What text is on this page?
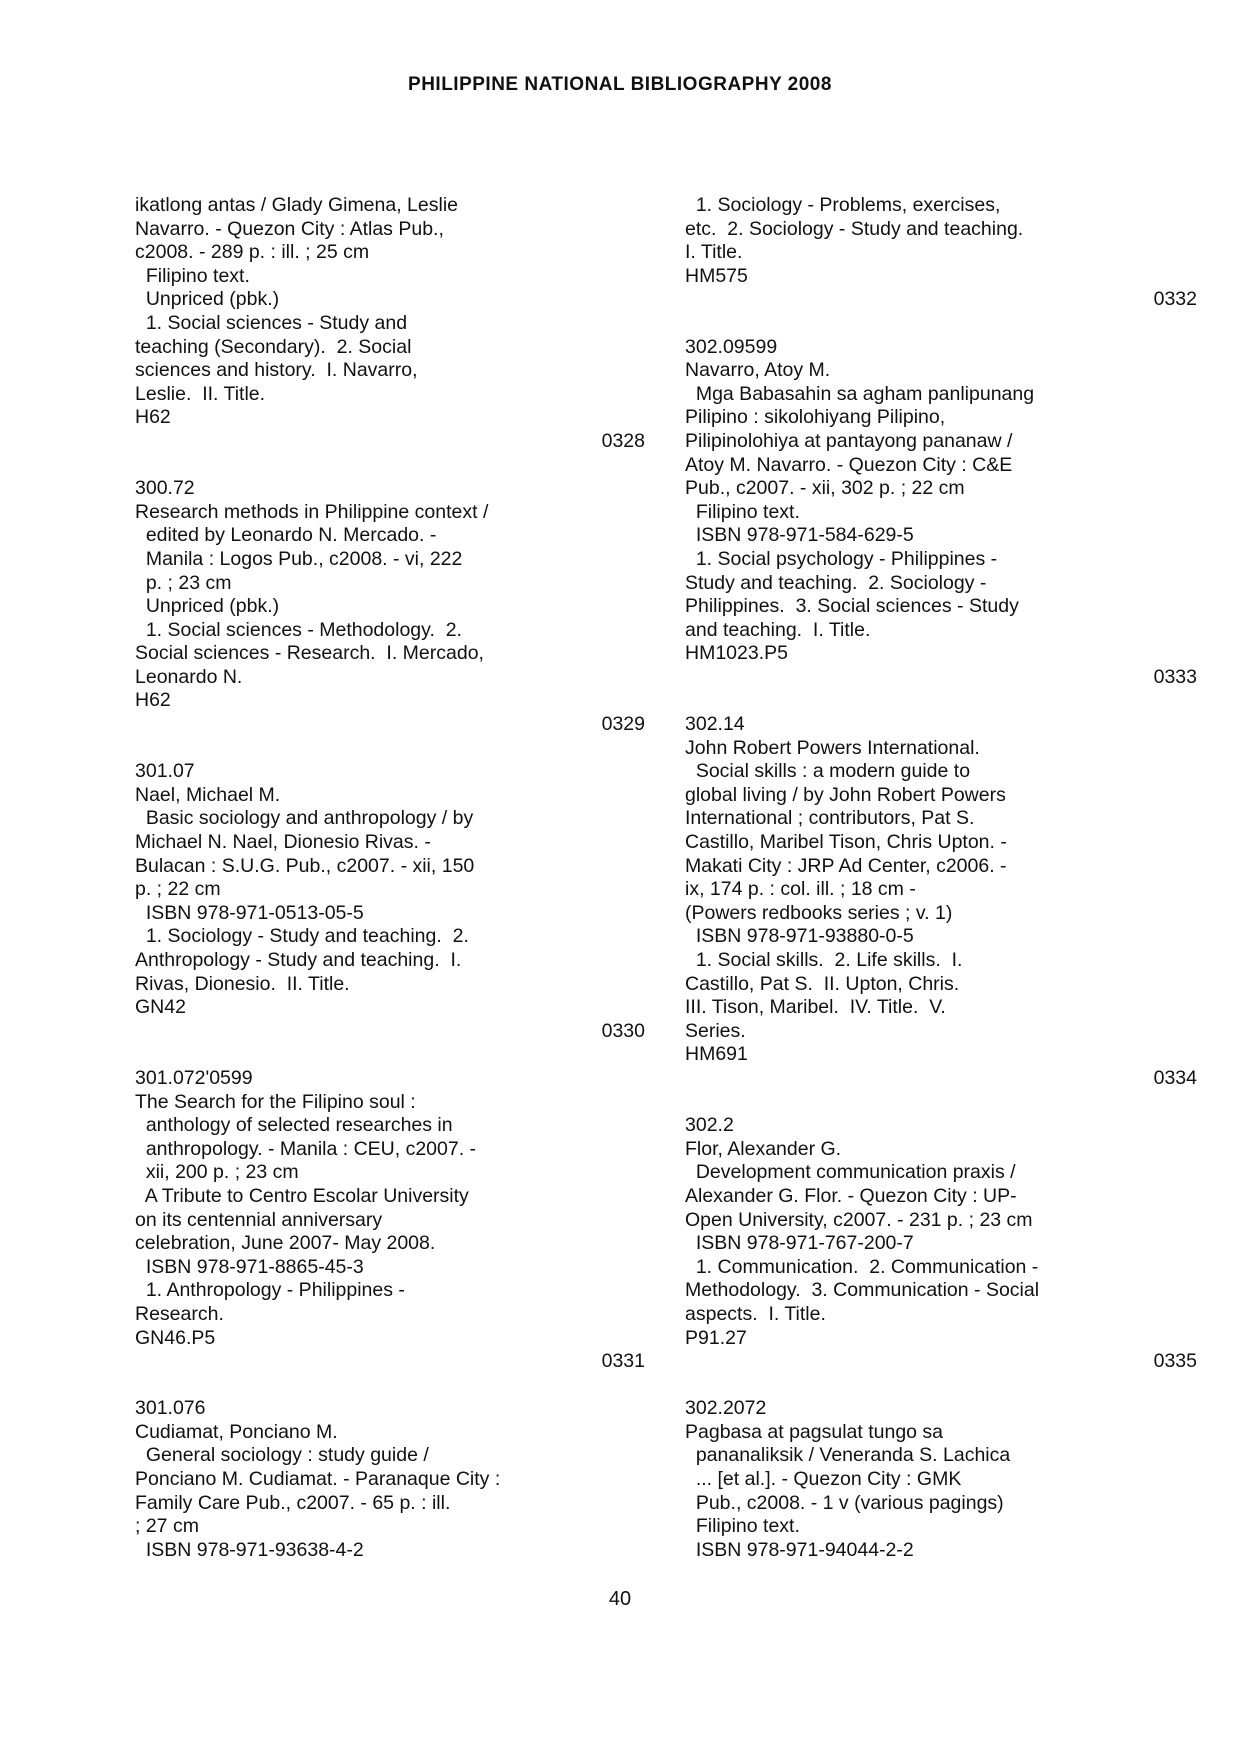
PHILIPPINE NATIONAL BIBLIOGRAPHY 2008
ikatlong antas / Glady Gimena, Leslie
Navarro. - Quezon City : Atlas Pub.,
c2008. - 289 p. : ill. ; 25 cm
Filipino text.
Unpriced (pbk.)
1. Social sciences - Study and
teaching (Secondary).  2. Social
sciences and history.  I. Navarro,
Leslie.  II. Title.
H62
0328
300.72
Research methods in Philippine context /
edited by Leonardo N. Mercado. -
Manila : Logos Pub., c2008. - vi, 222
p. ; 23 cm
Unpriced (pbk.)
1. Social sciences - Methodology.  2.
Social sciences - Research.  I. Mercado,
Leonardo N.
H62
0329
301.07
Nael, Michael M.
Basic sociology and anthropology / by
Michael N. Nael, Dionesio Rivas. -
Bulacan : S.U.G. Pub., c2007. - xii, 150
p. ; 22 cm
ISBN 978-971-0513-05-5
1. Sociology - Study and teaching.  2.
Anthropology - Study and teaching.  I.
Rivas, Dionesio.  II. Title.
GN42
0330
301.072'0599
The Search for the Filipino soul :
anthology of selected researches in
anthropology. - Manila : CEU, c2007. -
xii, 200 p. ; 23 cm
A Tribute to Centro Escolar University
on its centennial anniversary
celebration, June 2007- May 2008.
ISBN 978-971-8865-45-3
1. Anthropology - Philippines -
Research.
GN46.P5
0331
301.076
Cudiamat, Ponciano M.
General sociology : study guide /
Ponciano M. Cudiamat. - Paranaque City :
Family Care Pub., c2007. - 65 p. : ill.
; 27 cm
ISBN 978-971-93638-4-2
1. Sociology - Problems, exercises,
etc.  2. Sociology - Study and teaching.
I. Title.
HM575
0332
302.09599
Navarro, Atoy M.
Mga Babasahin sa agham panlipunang
Pilipino : sikolohiyang Pilipino,
Pilipinolohiya at pantayong pananaw /
Atoy M. Navarro. - Quezon City : C&E
Pub., c2007. - xii, 302 p. ; 22 cm
Filipino text.
ISBN 978-971-584-629-5
1. Social psychology - Philippines -
Study and teaching.  2. Sociology -
Philippines.  3. Social sciences - Study
and teaching.  I. Title.
HM1023.P5
0333
302.14
John Robert Powers International.
Social skills : a modern guide to
global living / by John Robert Powers
International ; contributors, Pat S.
Castillo, Maribel Tison, Chris Upton. -
Makati City : JRP Ad Center, c2006. -
ix, 174 p. : col. ill. ; 18 cm -
(Powers redbooks series ; v. 1)
ISBN 978-971-93880-0-5
1. Social skills.  2. Life skills.  I.
Castillo, Pat S.  II. Upton, Chris.
III. Tison, Maribel.  IV. Title.  V.
Series.
HM691
0334
302.2
Flor, Alexander G.
Development communication praxis /
Alexander G. Flor. - Quezon City : UP-
Open University, c2007. - 231 p. ; 23 cm
ISBN 978-971-767-200-7
1. Communication.  2. Communication -
Methodology.  3. Communication - Social
aspects.  I. Title.
P91.27
0335
302.2072
Pagbasa at pagsulat tungo sa
pananaliksik / Veneranda S. Lachica
... [et al.]. - Quezon City : GMK
Pub., c2008. - 1 v (various pagings)
Filipino text.
ISBN 978-971-94044-2-2
40
